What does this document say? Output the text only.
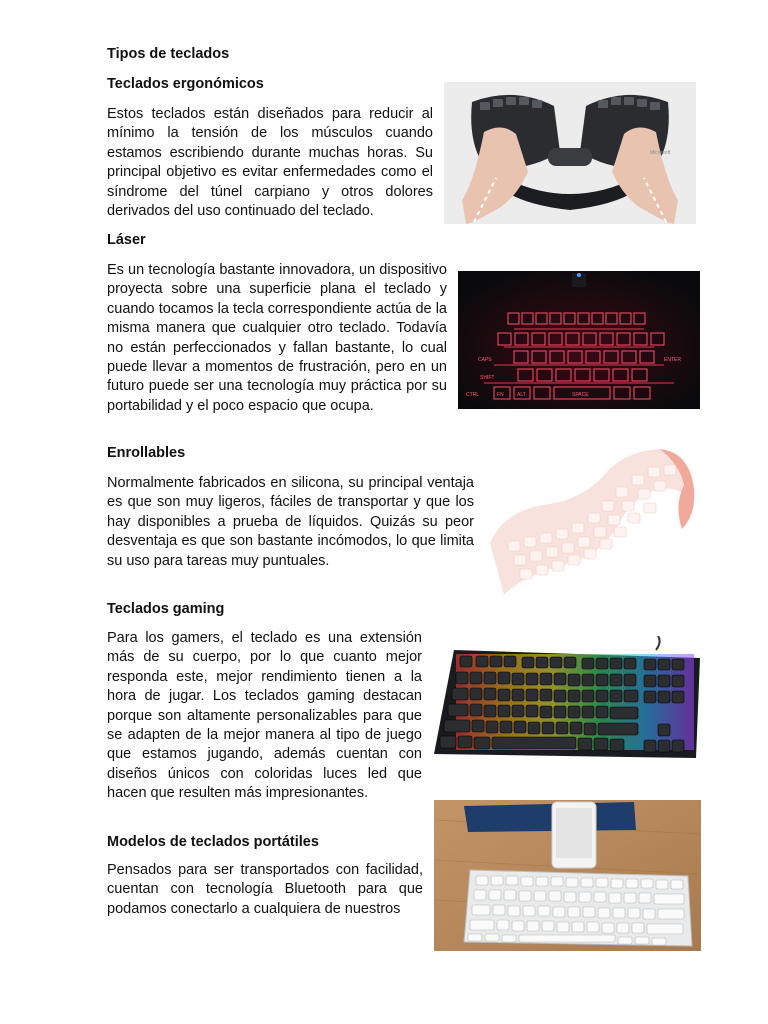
Tipos de teclados
Teclados ergonómicos
Estos teclados están diseñados para reducir al mínimo la tensión de los músculos cuando estamos escribiendo durante muchas horas. Su principal objetivo es evitar enfermedades como el síndrome del túnel carpiano y otros dolores derivados del uso continuado del teclado.
Microsoft
Láser
Es un tecnología bastante innovadora, un dispositivo proyecta sobre una superficie plana el teclado y cuando tocamos la tecla correspondiente actúa de la misma manera que cualquier otro teclado. Todavía no están perfeccionados y fallan bastante, lo cual puede llevar a momentos de frustración, pero en un futuro puede ser una tecnología muy práctica por su portabilidad y el poco espacio que ocupa.
CAPS
SHIFT
CTRL	FN	ALT	SPACE
ENTER
Enrollables
Normalmente fabricados en silicona, su principal ventaja es que son muy ligeros, fáciles de transportar y que los hay disponibles a prueba de líquidos. Quizás su peor desventaja es que son bastante incómodos, lo que limita su uso para tareas muy puntuales.
Teclados gaming
Para los gamers, el teclado es una extensión más de su cuerpo, por lo que cuanto mejor responda este, mejor rendimiento tienen a la hora de jugar. Los teclados gaming destacan porque son altamente personalizables para que se adapten de la mejor manera al tipo de juego que estamos jugando, además cuentan con diseños únicos con coloridas luces led que hacen que resulten más impresionantes.
Modelos de teclados portátiles
Pensados para ser transportados con facilidad, cuentan con tecnología Bluetooth para que podamos conectarlo a cualquiera de nuestros
